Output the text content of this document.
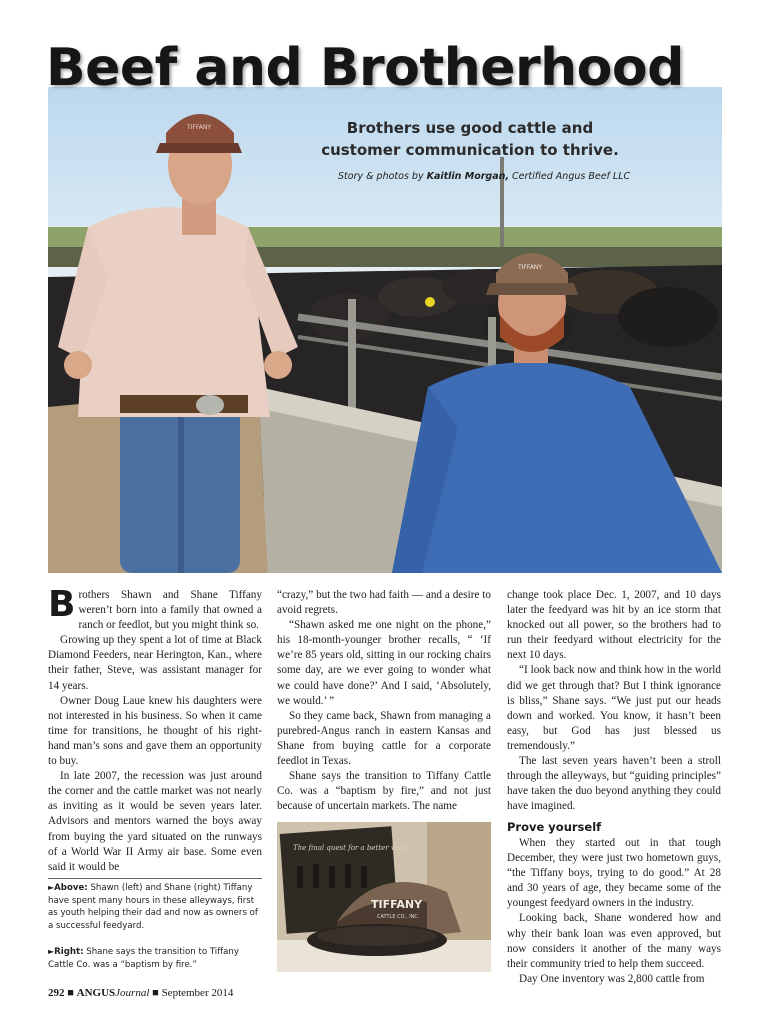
Beef and Brotherhood
TIFFANY
TIFFANY

Brothers use good cattle and customer communication to thrive.

Story & photos by Kaitlin Morgan, Certified Angus Beef LLC

Brothers Shawn and Shane Tiffany weren’t born into a family that owned a ranch or feedlot, but you might think so.

Growing up they spent a lot of time at Black Diamond Feeders, near Herington, Kan., where their father, Steve, was assistant manager for 14 years.

Owner Doug Laue knew his daughters were not interested in his business. So when it came time for transitions, he thought of his right-hand man’s sons and gave them an opportunity to buy.

In late 2007, the recession was just around the corner and the cattle market was not nearly as inviting as it would be seven years later. Advisors and mentors warned the boys away from buying the yard situated on the runways of a World War II Army air base. Some even said it would be

“crazy,” but the two had faith — and a desire to avoid regrets.

“Shawn asked me one night on the phone,” his 18-month-younger brother recalls, “ ‘If we’re 85 years old, sitting in our rocking chairs some day, are we ever going to wonder what we could have done?’ And I said, ‘Absolutely, we would.’ ”

So they came back, Shawn from managing a purebred-Angus ranch in eastern Kansas and Shane from buying cattle for a corporate feedlot in Texas.

Shane says the transition to Tiffany Cattle Co. was a “baptism by fire,” and not just because of uncertain markets. The name

change took place Dec. 1, 2007, and 10 days later the feedyard was hit by an ice storm that knocked out all power, so the brothers had to run their feedyard without electricity for the next 10 days.

“I look back now and think how in the world did we get through that? But I think ignorance is bliss,” Shane says. “We just put our heads down and worked. You know, it hasn’t been easy, but God has just blessed us tremendously.”

The last seven years haven’t been a stroll through the alleyways, but “guiding principles” have taken the duo beyond anything they could have imagined.

Prove yourself

When they started out in that tough December, they were just two hometown guys, “the Tiffany boys, trying to do good.” At 28 and 30 years of age, they became some of the youngest feedyard owners in the industry.

Looking back, Shane wondered how and why their bank loan was even approved, but now considers it another of the many ways their community tried to help them succeed.

Day One inventory was 2,800 cattle from

►Above: Shawn (left) and Shane (right) Tiffany have spent many hours in these alleyways, first as youth helping their dad and now as owners of a successful feedyard.

►Right: Shane says the transition to Tiffany Cattle Co. was a “baptism by fire.”

The final quest for a better way
TIFFANY
CATTLE CO., INC.

292 ■ ANGUSJournal ■ September 2014
